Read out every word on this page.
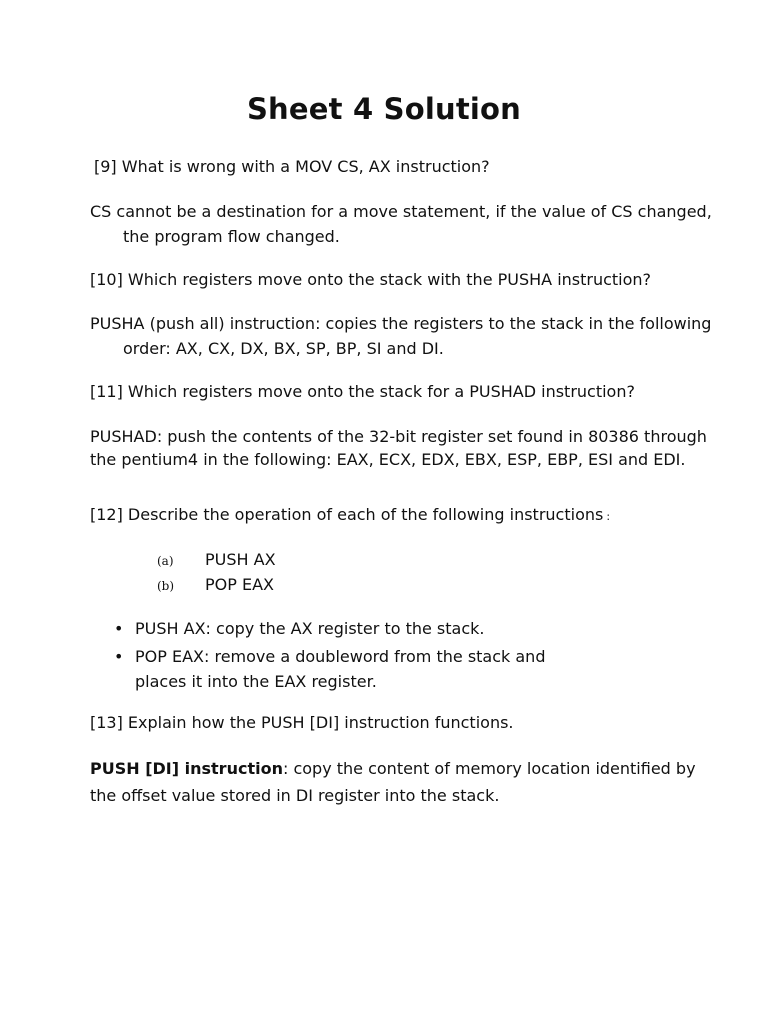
Sheet 4 Solution
[9] What is wrong with a MOV CS, AX instruction?
CS cannot be a destination for a move statement, if the value of CS changed,
the program flow changed.
[10] Which registers move onto the stack with the PUSHA instruction?
PUSHA (push all) instruction: copies the registers to the stack in the following
order: AX, CX, DX, BX, SP, BP, SI and DI.
[11] Which registers move onto the stack for a PUSHAD instruction?
PUSHAD: push the contents of the 32-bit register set found in 80386 through
the pentium4 in the following: EAX, ECX, EDX, EBX, ESP, EBP, ESI and EDI.
[12] Describe the operation of each of the following instructions :
(a) PUSH AX
(b) POP EAX
• PUSH AX: copy the AX register to the stack.
• POP EAX: remove a doubleword from the stack and
places it into the EAX register.
[13] Explain how the PUSH [DI] instruction functions.
PUSH [DI] instruction: copy the content of memory location identified by
the offset value stored in DI register into the stack.
